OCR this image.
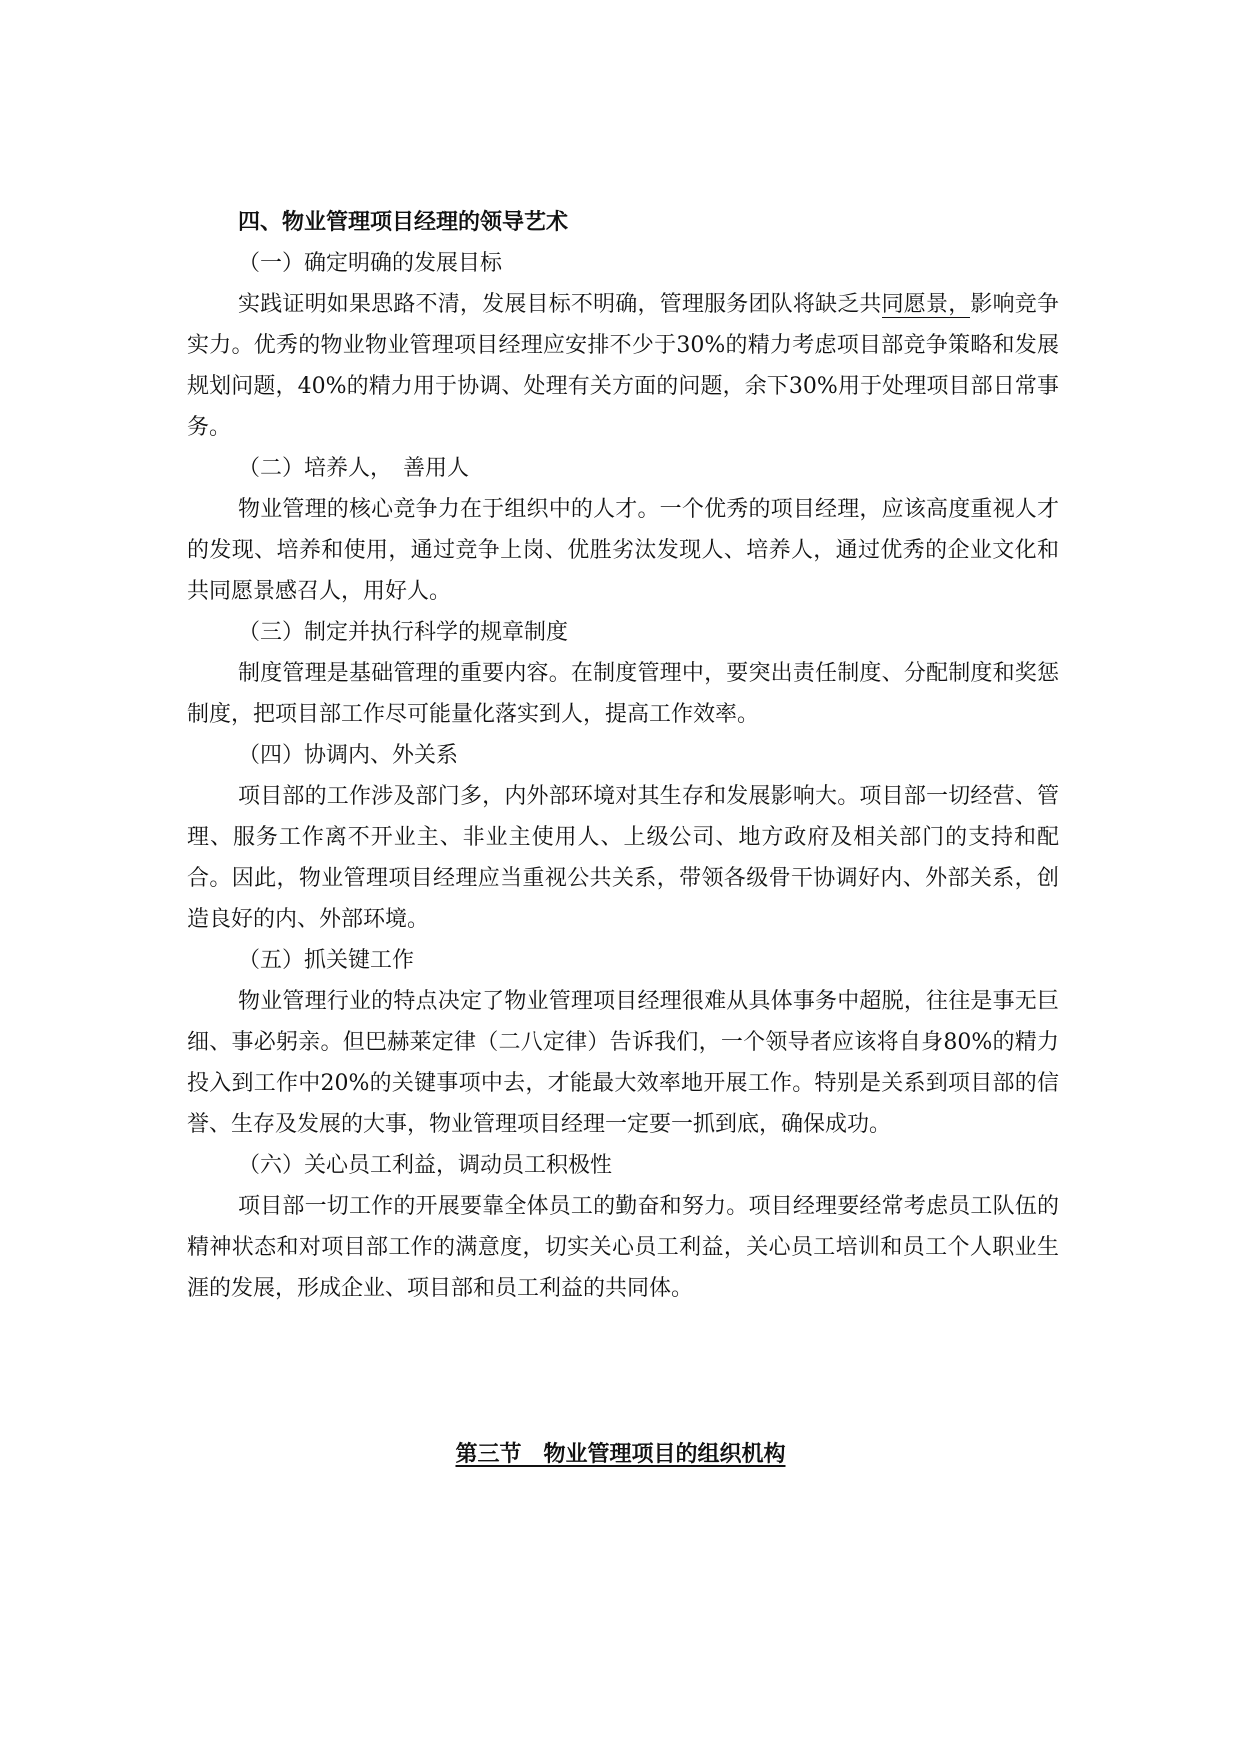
四、物业管理项目经理的领导艺术

（一）确定明确的发展目标

实践证明如果思路不清，发展目标不明确，管理服务团队将缺乏共同愿景，影响竞争实力。优秀的物业物业管理项目经理应安排不少于30%的精力考虑项目部竞争策略和发展规划问题，40%的精力用于协调、处理有关方面的问题，余下30%用于处理项目部日常事务。

（二）培养人，　善用人

物业管理的核心竞争力在于组织中的人才。一个优秀的项目经理，应该高度重视人才的发现、培养和使用，通过竞争上岗、优胜劣汰发现人、培养人，通过优秀的企业文化和共同愿景感召人，用好人。

（三）制定并执行科学的规章制度

制度管理是基础管理的重要内容。在制度管理中，要突出责任制度、分配制度和奖惩制度，把项目部工作尽可能量化落实到人，提高工作效率。

（四）协调内、外关系

项目部的工作涉及部门多，内外部环境对其生存和发展影响大。项目部一切经营、管理、服务工作离不开业主、非业主使用人、上级公司、地方政府及相关部门的支持和配合。因此，物业管理项目经理应当重视公共关系，带领各级骨干协调好内、外部关系，创造良好的内、外部环境。

（五）抓关键工作

物业管理行业的特点决定了物业管理项目经理很难从具体事务中超脱，往往是事无巨细、事必躬亲。但巴赫莱定律（二八定律）告诉我们，一个领导者应该将自身80%的精力投入到工作中20%的关键事项中去，才能最大效率地开展工作。特别是关系到项目部的信誉、生存及发展的大事，物业管理项目经理一定要一抓到底，确保成功。

（六）关心员工利益，调动员工积极性

项目部一切工作的开展要靠全体员工的勤奋和努力。项目经理要经常考虑员工队伍的精神状态和对项目部工作的满意度，切实关心员工利益，关心员工培训和员工个人职业生涯的发展，形成企业、项目部和员工利益的共同体。

第三节　物业管理项目的组织机构
